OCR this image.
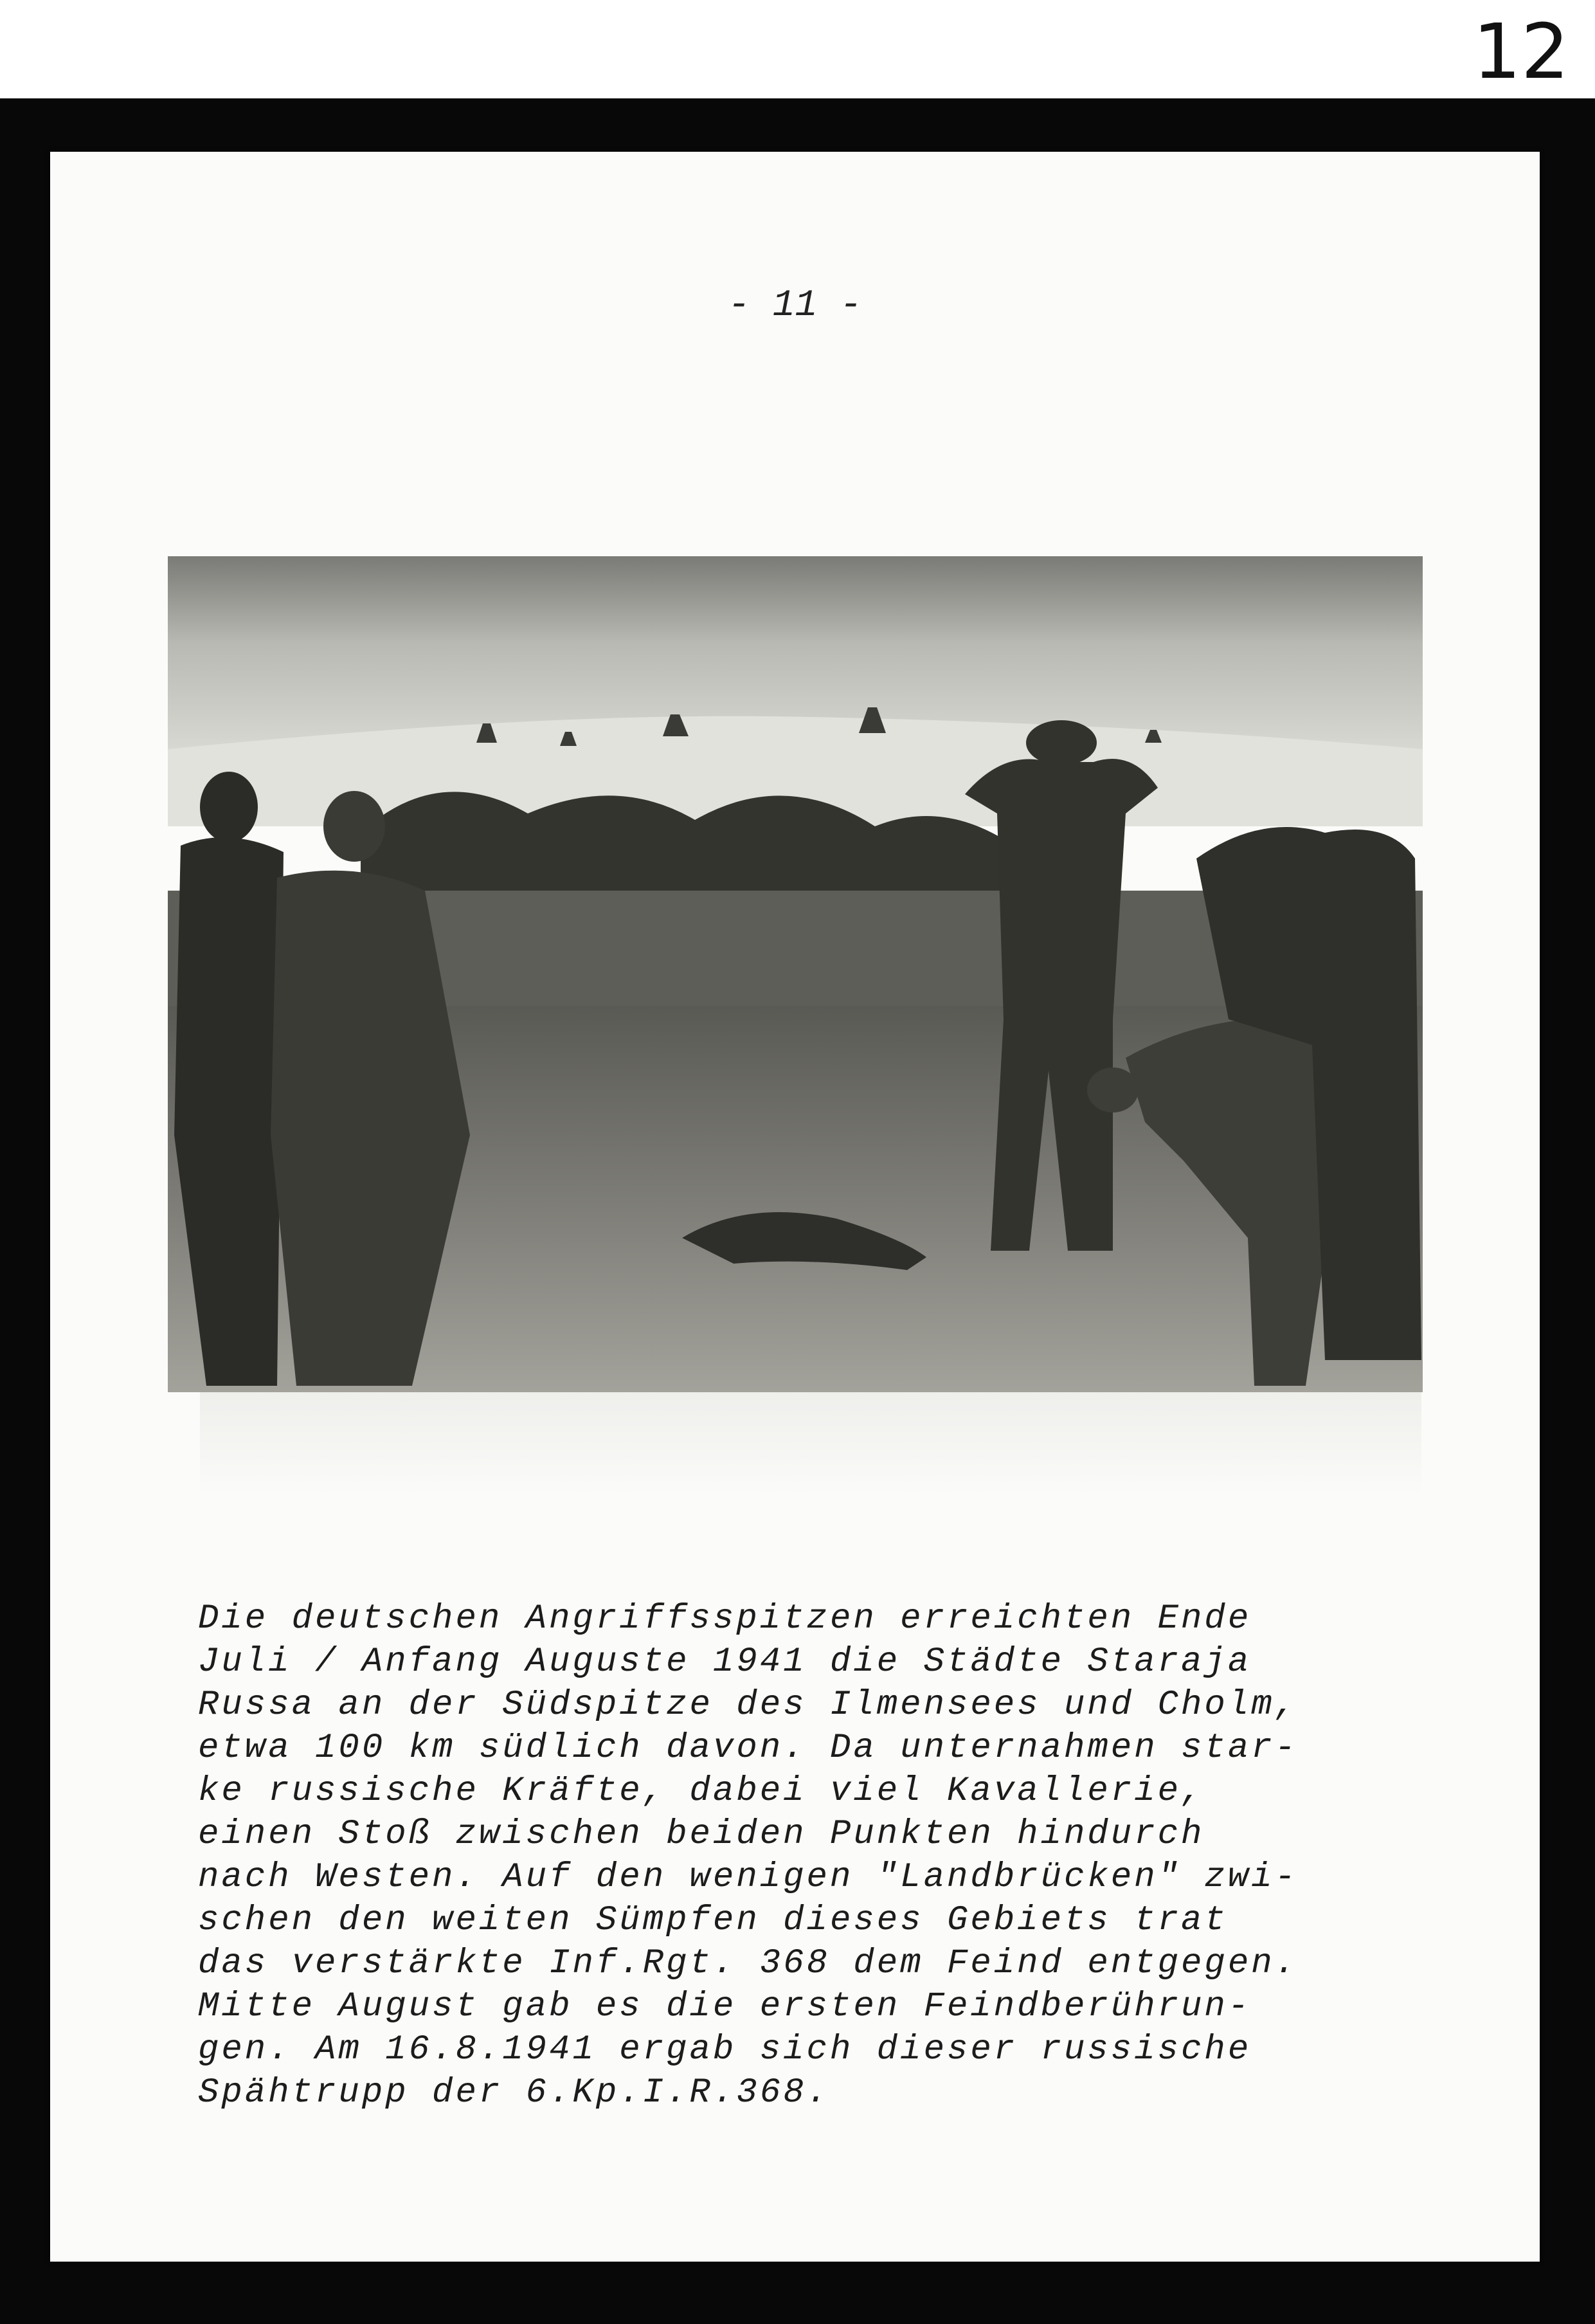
12
- 11 -
Die deutschen Angriffsspitzen erreichten Ende
Juli / Anfang Auguste 1941 die Städte Staraja
Russa an der Südspitze des Ilmensees und Cholm,
etwa 100 km südlich davon. Da unternahmen star-
ke russische Kräfte, dabei viel Kavallerie,
einen Stoß zwischen beiden Punkten hindurch
nach Westen. Auf den wenigen "Landbrücken" zwi-
schen den weiten Sümpfen dieses Gebiets trat
das verstärkte Inf.Rgt. 368 dem Feind entgegen.
Mitte August gab es die ersten Feindberührun-
gen. Am 16.8.1941 ergab sich dieser russische
Spähtrupp der 6.Kp.I.R.368.
